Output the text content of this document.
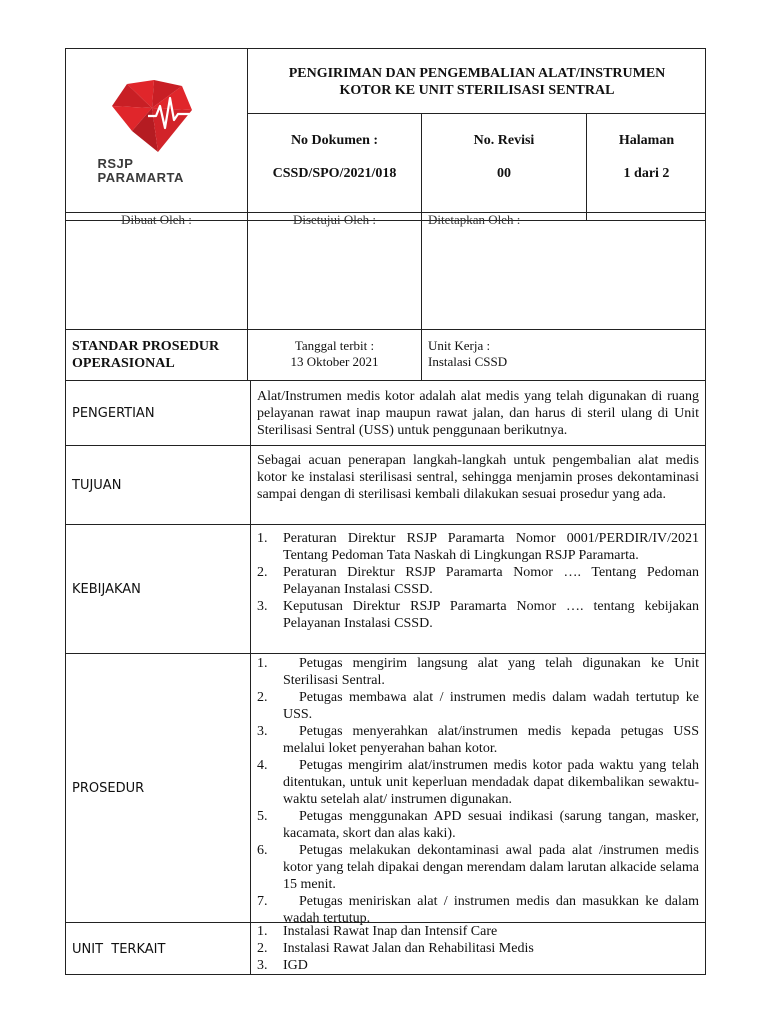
RSJP
PARAMARTA
PENGIRIMAN DAN PENGEMBALIAN ALAT/INSTRUMEN
KOTOR KE UNIT STERILISASI SENTRAL
No Dokumen :
CSSD/SPO/2021/018
No. Revisi
00
Halaman
1 dari 2
Dibuat Oleh :	Disetujui Oleh :	Ditetapkan Oleh :
STANDAR PROSEDUR
OPERASIONAL
Tanggal terbit :
13 Oktober 2021
Unit Kerja :
Instalasi CSSD
PENGERTIAN
Alat/Instrumen medis kotor adalah alat medis yang telah digunakan di ruang pelayanan rawat inap maupun rawat jalan, dan harus di steril ulang di Unit Sterilisasi Sentral (USS) untuk penggunaan berikutnya.
TUJUAN
Sebagai acuan penerapan langkah-langkah untuk pengembalian alat medis kotor ke instalasi sterilisasi sentral, sehingga menjamin proses dekontaminasi sampai dengan di sterilisasi kembali dilakukan sesuai prosedur yang ada.
KEBIJAKAN
1. Peraturan Direktur RSJP Paramarta Nomor 0001/PERDIR/IV/2021 Tentang Pedoman Tata Naskah di Lingkungan RSJP Paramarta.
2. Peraturan Direktur RSJP Paramarta Nomor …. Tentang Pedoman Pelayanan Instalasi CSSD.
3. Keputusan Direktur RSJP Paramarta Nomor …. tentang kebijakan Pelayanan Instalasi CSSD.
PROSEDUR
1. Petugas mengirim langsung alat yang telah digunakan ke Unit Sterilisasi Sentral.
2. Petugas membawa alat / instrumen medis dalam wadah tertutup ke USS.
3. Petugas menyerahkan alat/instrumen medis kepada petugas USS melalui loket penyerahan bahan kotor.
4. Petugas mengirim alat/instrumen medis kotor pada waktu yang telah ditentukan, untuk unit keperluan mendadak dapat dikembalikan sewaktu-waktu setelah alat/ instrumen digunakan.
5. Petugas menggunakan APD sesuai indikasi (sarung tangan, masker, kacamata, skort dan alas kaki).
6. Petugas melakukan dekontaminasi awal pada alat /instrumen medis kotor yang telah dipakai dengan merendam dalam larutan alkacide selama 15 menit.
7. Petugas meniriskan alat / instrumen medis dan masukkan ke dalam wadah tertutup.
UNIT  TERKAIT
1. Instalasi Rawat Inap dan Intensif Care
2. Instalasi Rawat Jalan dan Rehabilitasi Medis
3. IGD
